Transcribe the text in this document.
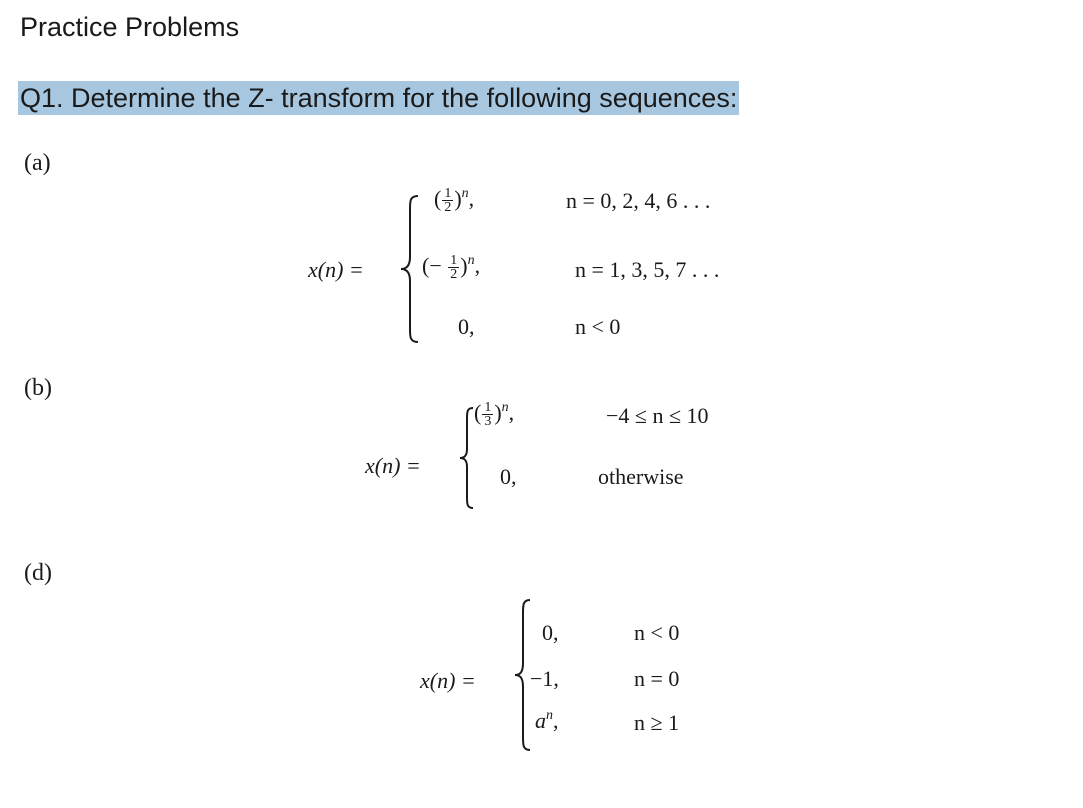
Practice Problems
Q1. Determine the Z- transform for the following sequences:
(a)
x(n) =
( $\frac{1}{2} )^n$,	n = 0, 2, 4, 6 . . .
(− $\frac{1}{2} )^n$,	n = 1, 3, 5, 7 . . .
0,	n < 0
(b)
x(n) =
( $\frac{1}{3} )^n$,	−4 ≤ n ≤ 10
0,	otherwise
(d)
x(n) =
0,	n < 0
−1,	n = 0
$a^n$,	n ≥ 1
